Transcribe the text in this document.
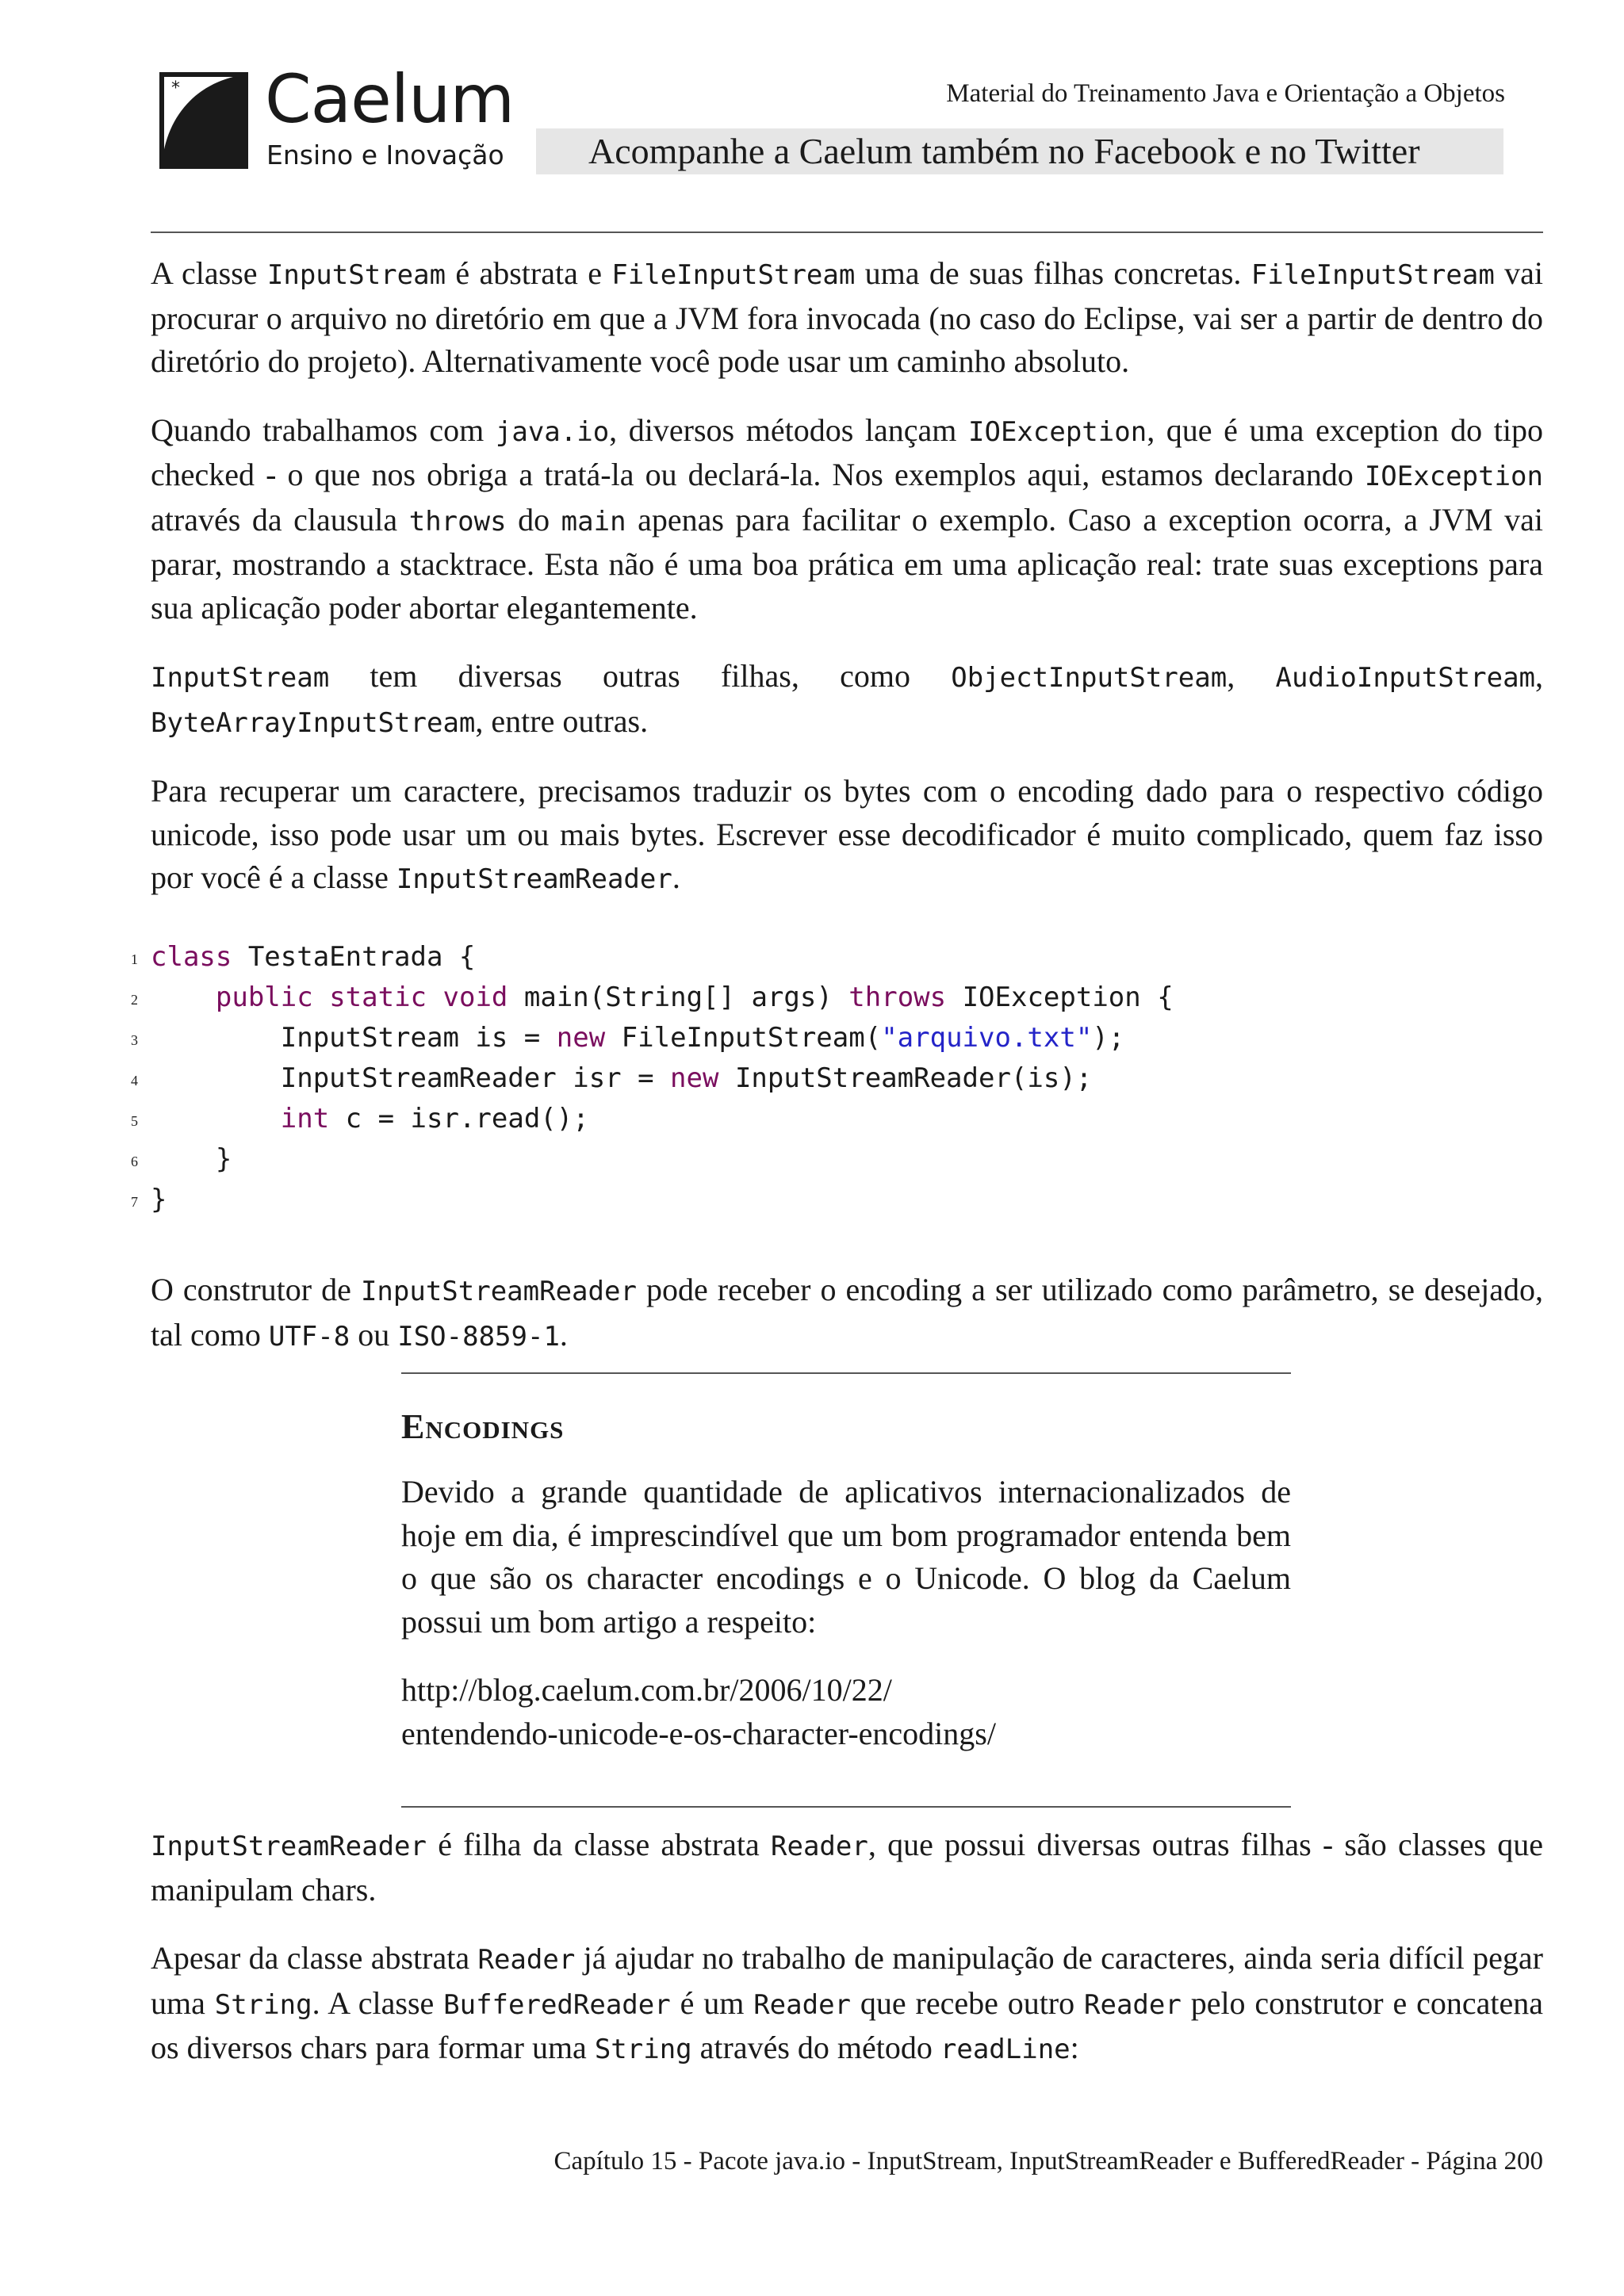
* Caelum
Ensino e Inovação
Material do Treinamento Java e Orientação a Objetos
Acompanhe a Caelum também no Facebook e no Twitter

A classe InputStream é abstrata e FileInputStream uma de suas filhas concretas. FileInputStream vai procurar o arquivo no diretório em que a JVM fora invocada (no caso do Eclipse, vai ser a partir de dentro do diretório do projeto). Alternativamente você pode usar um caminho absoluto.

Quando trabalhamos com java.io, diversos métodos lançam IOException, que é uma exception do tipo checked - o que nos obriga a tratá-la ou declará-la. Nos exemplos aqui, estamos declarando IOException através da clausula throws do main apenas para facilitar o exemplo. Caso a exception ocorra, a JVM vai parar, mostrando a stacktrace. Esta não é uma boa prática em uma aplicação real: trate suas exceptions para sua aplicação poder abortar elegantemente.

InputStream tem diversas outras filhas, como ObjectInputStream, AudioInputStream,

ByteArrayInputStream, entre outras.

Para recuperar um caractere, precisamos traduzir os bytes com o encoding dado para o respectivo código unicode, isso pode usar um ou mais bytes. Escrever esse decodificador é muito complicado, quem faz isso por você é a classe InputStreamReader.

1 class TestaEntrada {
2	public static void main(String[] args) throws IOException {
3	InputStream is = new FileInputStream("arquivo.txt");
4	InputStreamReader isr = new InputStreamReader(is);
5	int c = isr.read();
6 }
7 }

O construtor de InputStreamReader pode receber o encoding a ser utilizado como parâmetro, se desejado, tal como UTF-8 ou ISO-8859-1.

Encodings

Devido a grande quantidade de aplicativos internacionalizados de hoje em dia, é imprescindível que um bom programador entenda bem o que são os character encodings e o Unicode. O blog da Caelum possui um bom artigo a respeito:

http://blog.caelum.com.br/2006/10/22/
entendendo-unicode-e-os-character-encodings/

InputStreamReader é filha da classe abstrata Reader, que possui diversas outras filhas - são classes que manipulam chars.

Apesar da classe abstrata Reader já ajudar no trabalho de manipulação de caracteres, ainda seria difícil pegar uma String. A classe BufferedReader é um Reader que recebe outro Reader pelo construtor e concatena os diversos chars para formar uma String através do método readLine:

Capítulo 15 - Pacote java.io - InputStream, InputStreamReader e BufferedReader - Página 200
